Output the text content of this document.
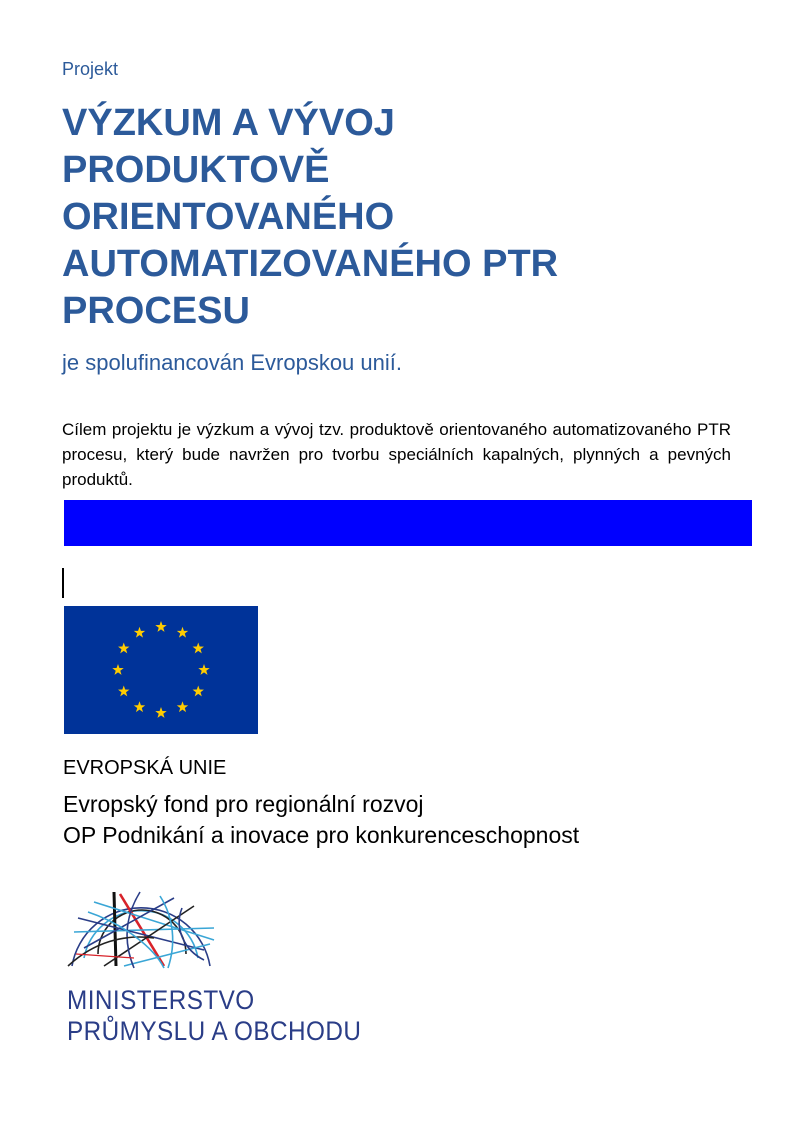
Projekt
VÝZKUM A VÝVOJ
PRODUKTOVĚ
ORIENTOVANÉHO
AUTOMATIZOVANÉHO PTR
PROCESU
je spolufinancován Evropskou unií.

Cílem projektu je výzkum a vývoj tzv. produktově orientovaného automatizovaného PTR procesu, který bude navržen pro tvorbu speciálních kapalných, plynných a pevných produktů.

EVROPSKÁ UNIE
Evropský fond pro regionální rozvoj
OP Podnikání a inovace pro konkurenceschopnost
MINISTERSTVO
PRŮMYSLU A OBCHODU
